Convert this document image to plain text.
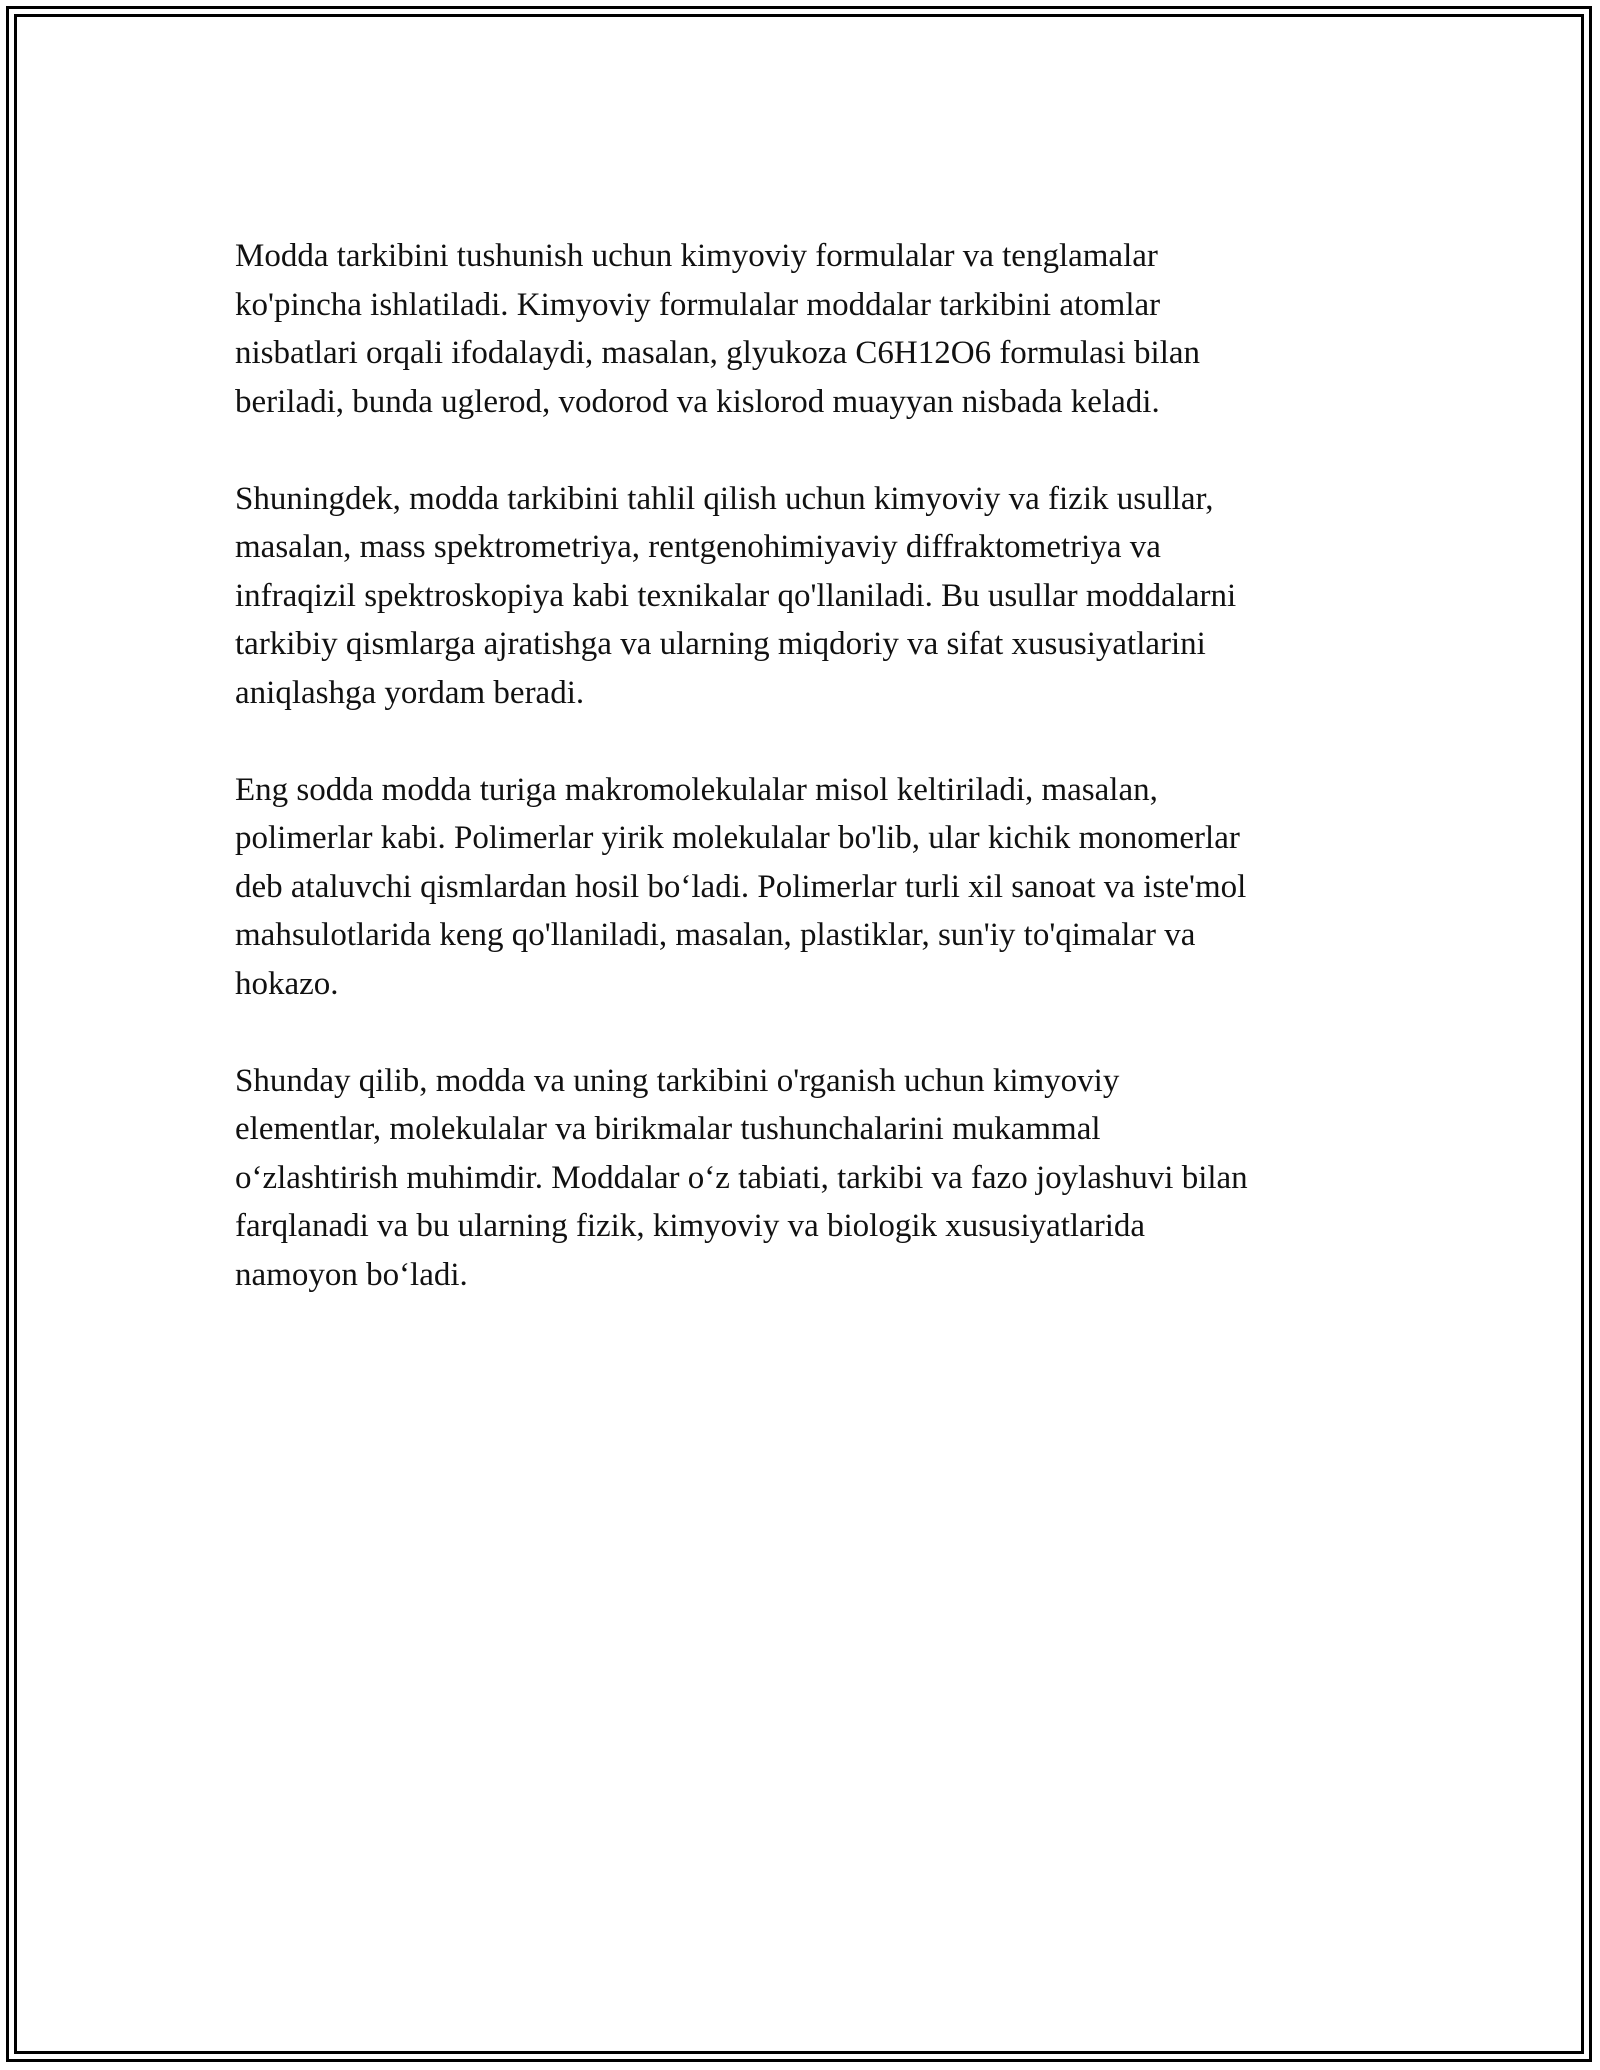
Modda tarkibini tushunish uchun kimyoviy formulalar va tenglamalar
ko'pincha ishlatiladi. Kimyoviy formulalar moddalar tarkibini atomlar
nisbatlari orqali ifodalaydi, masalan, glyukoza C6H12O6 formulasi bilan
beriladi, bunda uglerod, vodorod va kislorod muayyan nisbada keladi.

Shuningdek, modda tarkibini tahlil qilish uchun kimyoviy va fizik usullar,
masalan, mass spektrometriya, rentgenohimiyaviy diffraktometriya va
infraqizil spektroskopiya kabi texnikalar qo'llaniladi. Bu usullar moddalarni
tarkibiy qismlarga ajratishga va ularning miqdoriy va sifat xususiyatlarini
aniqlashga yordam beradi.

Eng sodda modda turiga makromolekulalar misol keltiriladi, masalan,
polimerlar kabi. Polimerlar yirik molekulalar bo'lib, ular kichik monomerlar
deb ataluvchi qismlardan hosil bo‘ladi. Polimerlar turli xil sanoat va iste'mol
mahsulotlarida keng qo'llaniladi, masalan, plastiklar, sun'iy to'qimalar va
hokazo.

Shunday qilib, modda va uning tarkibini o'rganish uchun kimyoviy
elementlar, molekulalar va birikmalar tushunchalarini mukammal
o‘zlashtirish muhimdir. Moddalar o‘z tabiati, tarkibi va fazo joylashuvi bilan
farqlanadi va bu ularning fizik, kimyoviy va biologik xususiyatlarida
namoyon bo‘ladi.
